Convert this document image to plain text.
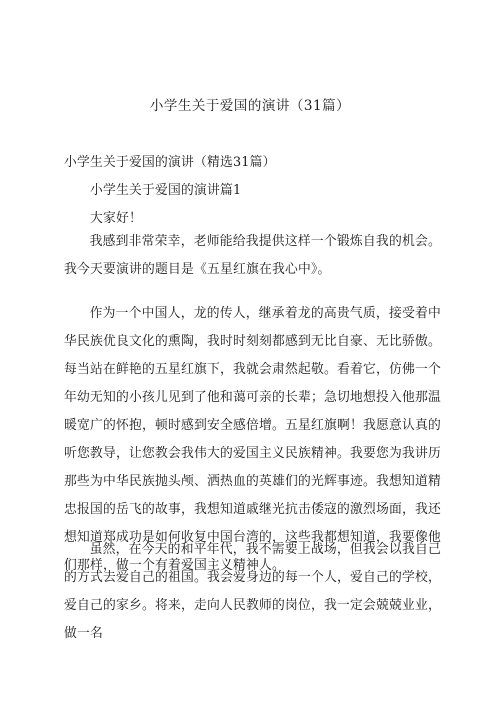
小学生关于爱国的演讲（31篇）
小学生关于爱国的演讲（精选31篇）
小学生关于爱国的演讲篇1
大家好！

我感到非常荣幸，老师能给我提供这样一个锻炼自我的机会。我今天要演讲的题目是《五星红旗在我心中》。

作为一个中国人，龙的传人，继承着龙的高贵气质，接受着中华民族优良文化的熏陶，我时时刻刻都感到无比自豪、无比骄傲。每当站在鲜艳的五星红旗下，我就会肃然起敬。看着它，仿佛一个年幼无知的小孩儿见到了他和蔼可亲的长辈；急切地想投入他那温暖宽广的怀抱，顿时感到安全感倍增。五星红旗啊！我愿意认真的听您教导，让您教会我伟大的爱国主义民族精神。我要您为我讲历那些为中华民族抛头颅、洒热血的英雄们的光辉事迹。我想知道精忠报国的岳飞的故事，我想知道戚继光抗击倭寇的激烈场面，我还想知道郑成功是如何收复中国台湾的，这些我都想知道，我要像他们那样，做一个有着爱国主义精神人。

虽然，在今天的和平年代，我不需要上战场，但我会以我自己的方式去爱自己的祖国。我会爱身边的每一个人，爱自己的学校，爱自己的家乡。将来，走向人民教师的岗位，我一定会兢兢业业，做一名
